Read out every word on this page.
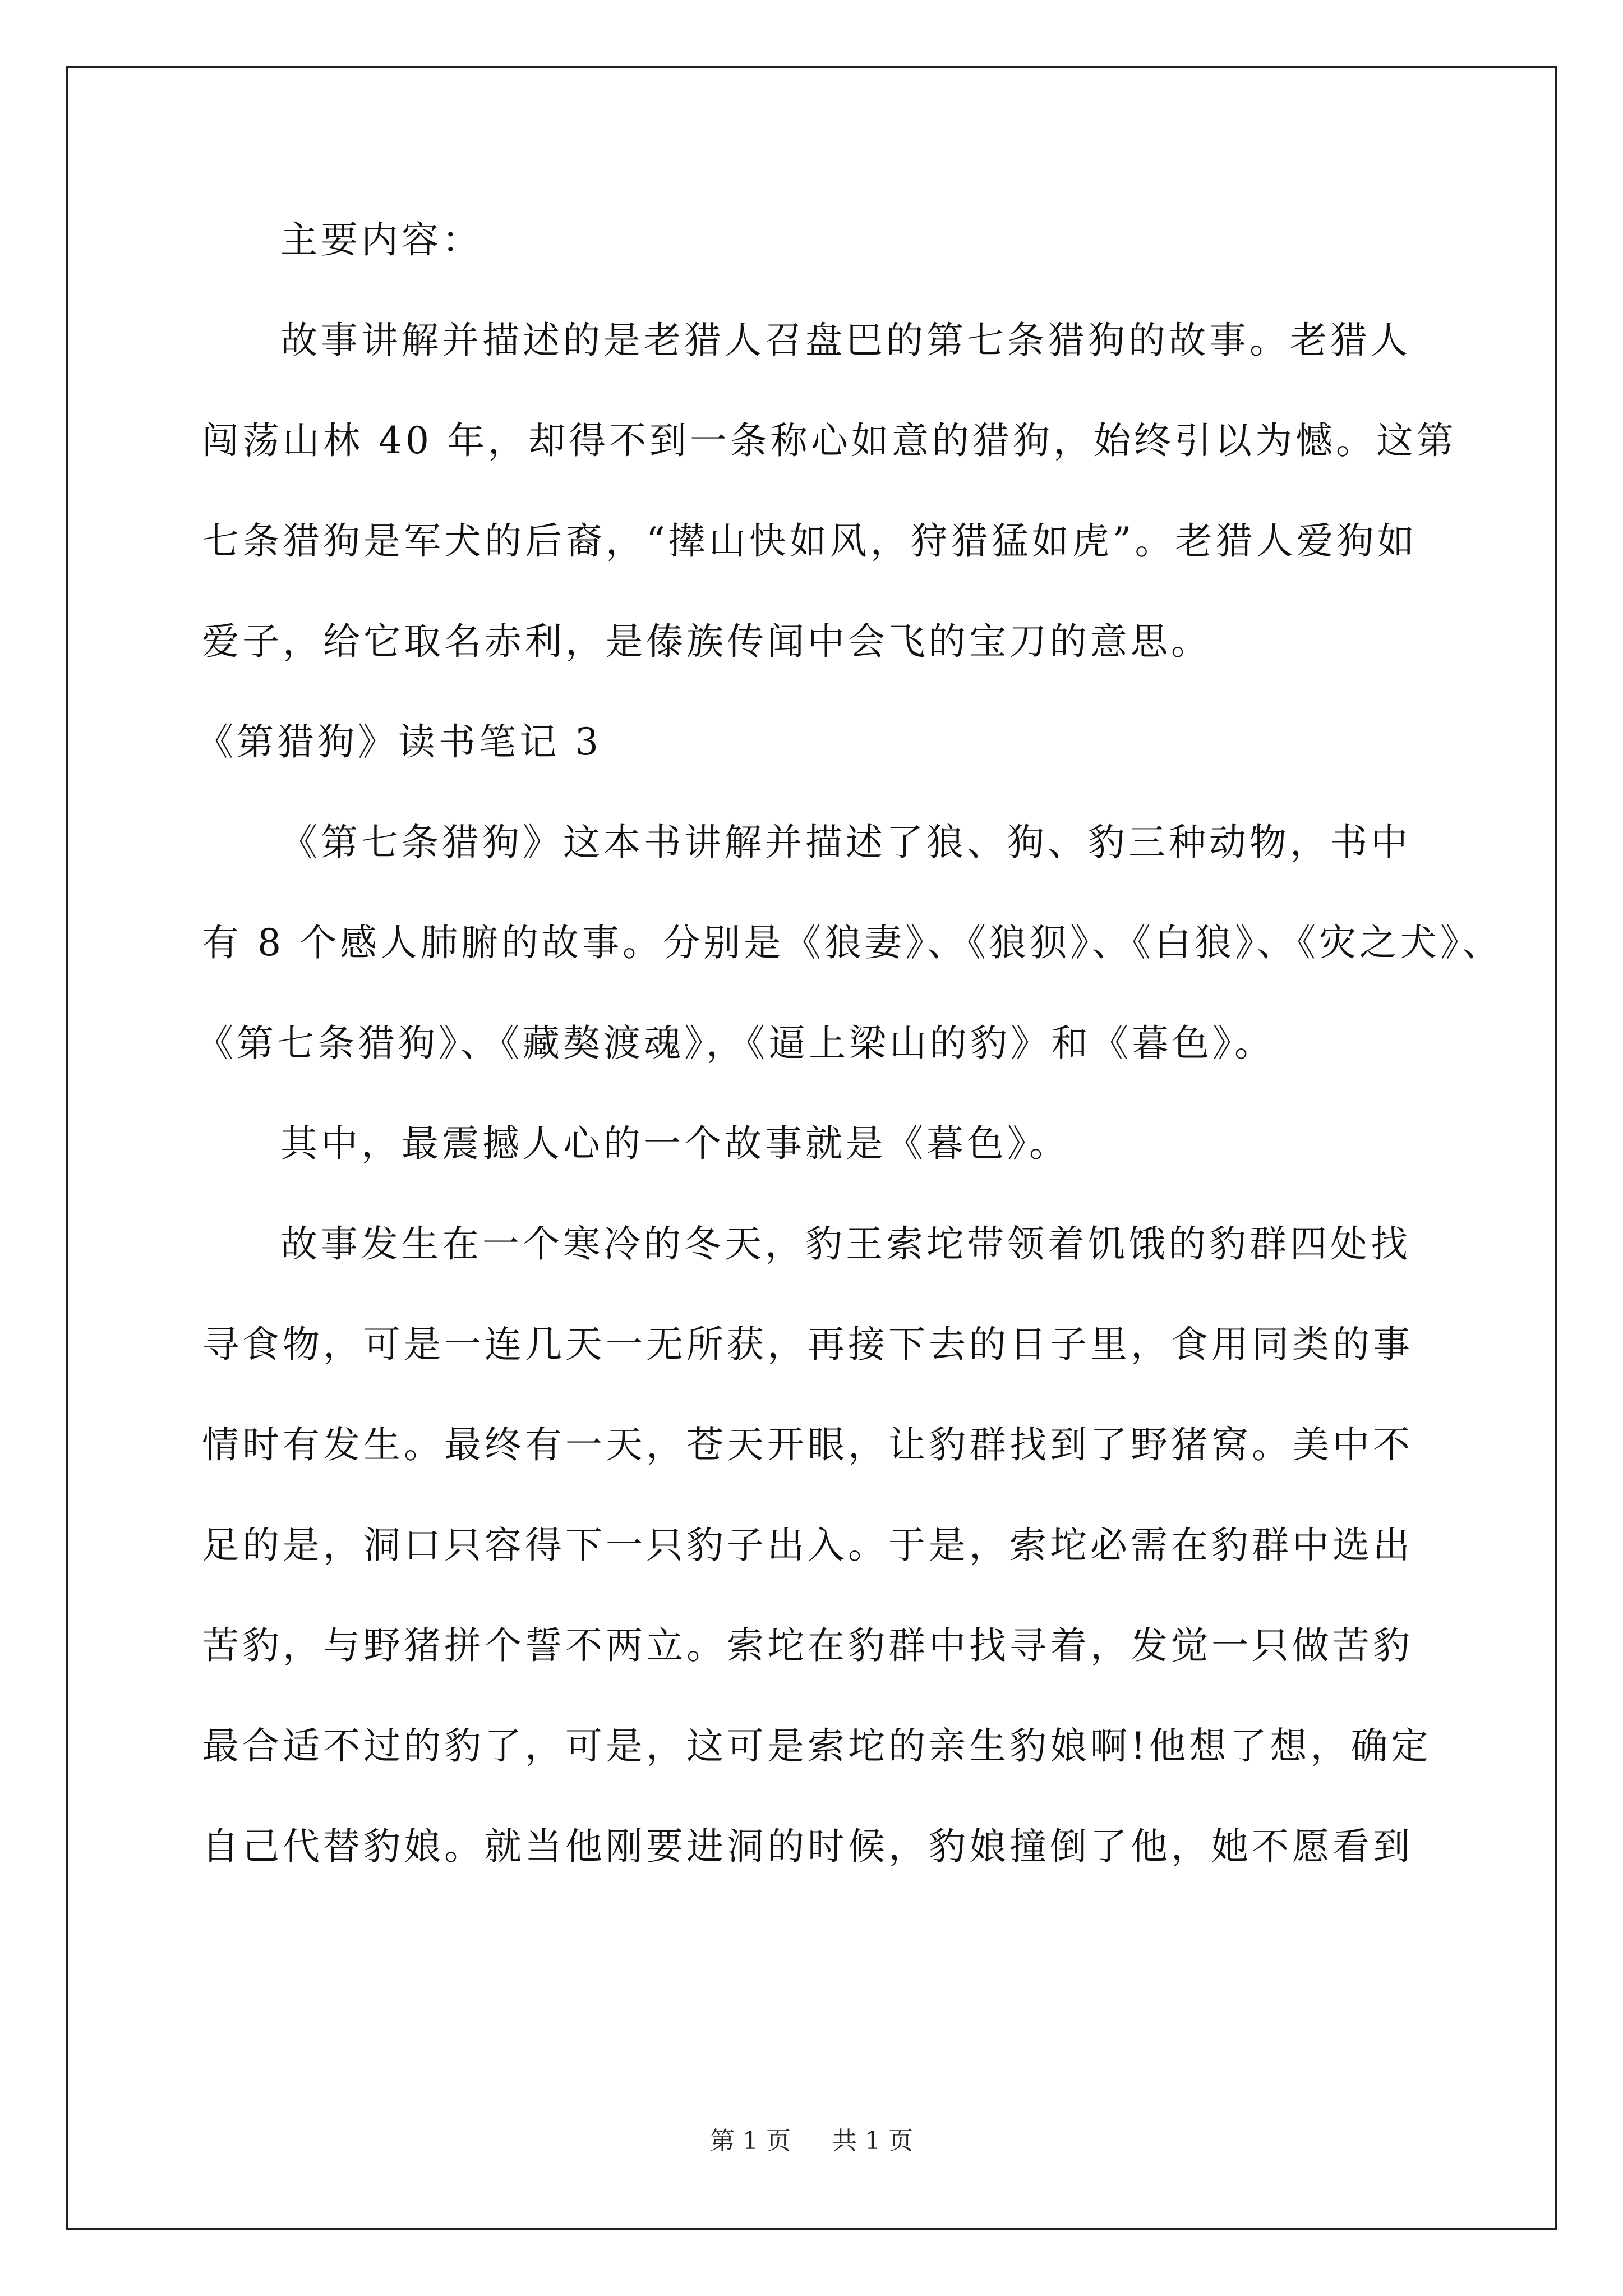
主要内容：
故事讲解并描述的是老猎人召盘巴的第七条猎狗的故事。老猎人
闯荡山林 40 年，却得不到一条称心如意的猎狗，始终引以为憾。这第
七条猎狗是军犬的后裔，“撵山快如风，狩猎猛如虎”。老猎人爱狗如
爱子，给它取名赤利，是傣族传闻中会飞的宝刀的意思。
《第猎狗》读书笔记 3
《第七条猎狗》这本书讲解并描述了狼、狗、豹三种动物，书中
有 8 个感人肺腑的故事。分别是《狼妻》、《狼狈》、《白狼》、《灾之犬》、
《第七条猎狗》、《藏獒渡魂》，《逼上梁山的豹》和《暮色》。
其中，最震撼人心的一个故事就是《暮色》。
故事发生在一个寒冷的冬天，豹王索坨带领着饥饿的豹群四处找
寻食物，可是一连几天一无所获，再接下去的日子里，食用同类的事
情时有发生。最终有一天，苍天开眼，让豹群找到了野猪窝。美中不
足的是，洞口只容得下一只豹子出入。于是，索坨必需在豹群中选出
苦豹，与野猪拼个誓不两立。索坨在豹群中找寻着，发觉一只做苦豹
最合适不过的豹了，可是，这可是索坨的亲生豹娘啊!他想了想，确定
自己代替豹娘。就当他刚要进洞的时候，豹娘撞倒了他，她不愿看到
第 1 页 共 1 页
